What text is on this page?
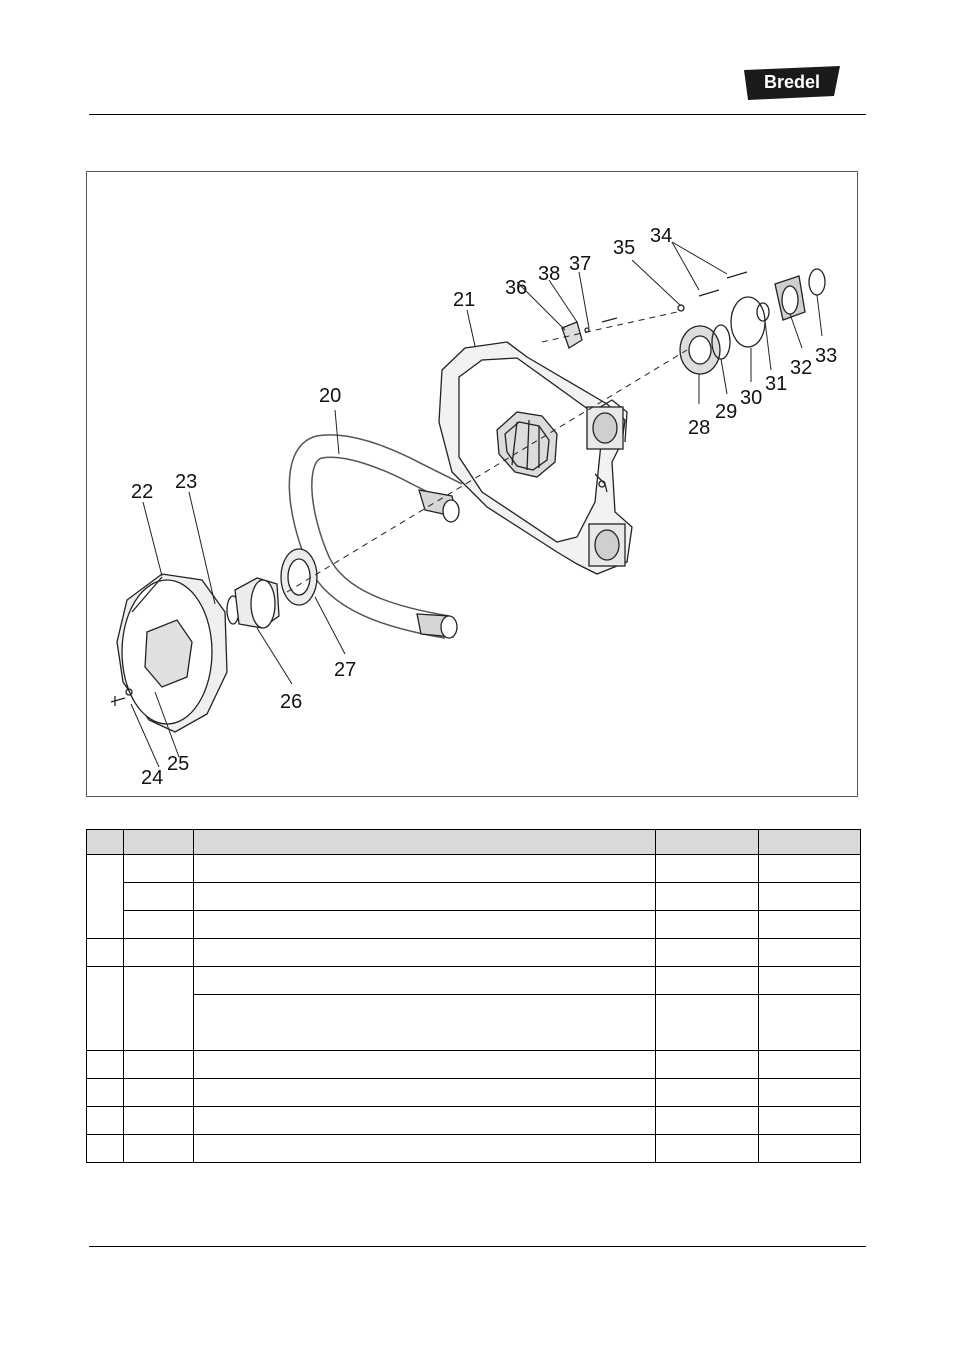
Bredel
20
21
22 23
24
25
26
27
28
29
30
31
32
33
34
35
36
37
38
